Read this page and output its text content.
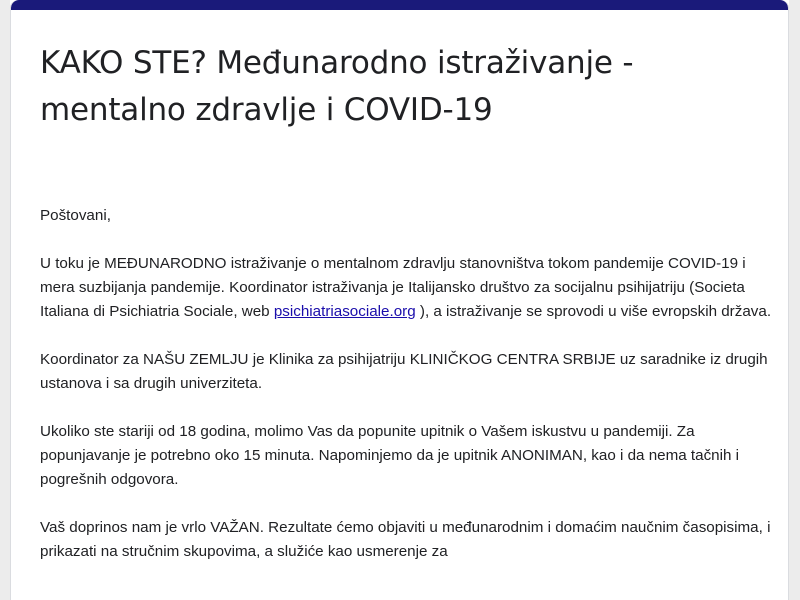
KAKO STE? Međunarodno istraživanje - mentalno zdravlje i COVID-19

Poštovani,

U toku je MEĐUNARODNO istraživanje o mentalnom zdravlju stanovništva tokom pandemije COVID-19 i mera suzbijanja pandemije. Koordinator istraživanja je Italijansko društvo za socijalnu psihijatriju (Societa Italiana di Psichiatria Sociale, web psichiatriasociale.org ), a istraživanje se sprovodi u više evropskih država.

Koordinator za NAŠU ZEMLJU je Klinika za psihijatriju KLINIČKOG CENTRA SRBIJE uz saradnike iz drugih ustanova i sa drugih univerziteta.

Ukoliko ste stariji od 18 godina, molimo Vas da popunite upitnik o Vašem iskustvu u pandemiji. Za popunjavanje je potrebno oko 15 minuta. Napominjemo da je upitnik ANONIMAN, kao i da nema tačnih i pogrešnih odgovora.

Vaš doprinos nam je vrlo VAŽAN. Rezultate ćemo objaviti u međunarodnim i domaćim naučnim časopisima, i prikazati na stručnim skupovima, a služiće kao usmerenje za
